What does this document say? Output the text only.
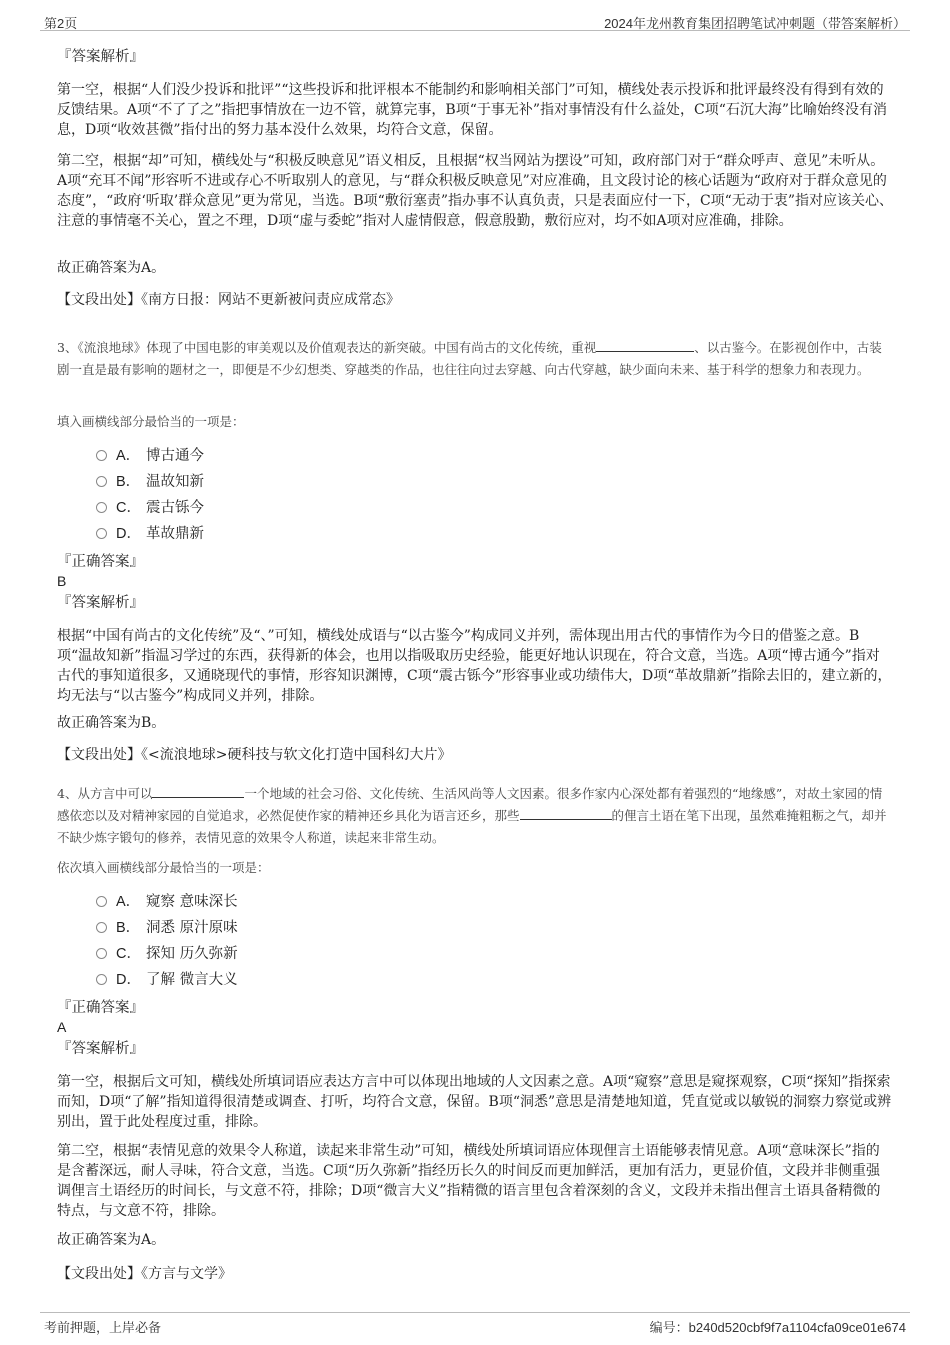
第2页	2024年龙州教育集团招聘笔试冲刺题（带答案解析）
『答案解析』

第一空，根据“人们没少投诉和批评”“这些投诉和批评根本不能制约和影响相关部门”可知，横线处表示投诉和批评最终没有得到有效的反馈结果。A项“不了了之”指把事情放在一边不管，就算完事，B项“于事无补”指对事情没有什么益处，C项“石沉大海”比喻始终没有消息，D项“收效甚微”指付出的努力基本没什么效果，均符合文意，保留。

第二空，根据“却”可知，横线处与“积极反映意见”语义相反，且根据“权当网站为摆设”可知，政府部门对于“群众呼声、意见”未听从。A项“充耳不闻”形容听不进或存心不听取别人的意见，与“群众积极反映意见”对应准确，且文段讨论的核心话题为“政府对于群众意见的态度”，“政府‘听取’群众意见”更为常见，当选。B项“敷衍塞责”指办事不认真负责，只是表面应付一下，C项“无动于衷”指对应该关心、注意的事情毫不关心，置之不理，D项“虚与委蛇”指对人虚情假意，假意殷勤，敷衍应对，均不如A项对应准确，排除。

故正确答案为A。

【文段出处】《南方日报：网站不更新被问责应成常态》

3、《流浪地球》体现了中国电影的审美观以及价值观表达的新突破。中国有尚古的文化传统，重视	、以古鉴今。在影视创作中，古装剧一直是最有影响的题材之一，即便是不少幻想类、穿越类的作品，也往往向过去穿越、向古代穿越，缺少面向未来、基于科学的想象力和表现力。
填入画横线部分最恰当的一项是：
A． 博古通今
B． 温故知新
C． 震古铄今
D． 革故鼎新
『正确答案』
B
『答案解析』

根据“中国有尚古的文化传统”及“、”可知，横线处成语与“以古鉴今”构成同义并列，需体现出用古代的事情作为今日的借鉴之意。B项“温故知新”指温习学过的东西，获得新的体会，也用以指吸取历史经验，能更好地认识现在，符合文意，当选。A项“博古通今”指对古代的事知道很多，又通晓现代的事情，形容知识渊博，C项“震古铄今”形容事业或功绩伟大，D项“革故鼎新”指除去旧的，建立新的，均无法与“以古鉴今”构成同义并列，排除。

故正确答案为B。

【文段出处】《<流浪地球>硬科技与软文化打造中国科幻大片》

4、从方言中可以	一个地域的社会习俗、文化传统、生活风尚等人文因素。很多作家内心深处都有着强烈的“地缘感”，对故土家园的情感依恋以及对精神家园的自觉追求，必然促使作家的精神还乡具化为语言还乡，那些	的俚言土语在笔下出现，虽然难掩粗粝之气，却并不缺少炼字锻句的修养，表情见意的效果令人称道，读起来非常生动。
依次填入画横线部分最恰当的一项是：
A． 窥察 意味深长
B． 洞悉 原汁原味
C． 探知 历久弥新
D． 了解 微言大义
『正确答案』
A
『答案解析』

第一空，根据后文可知，横线处所填词语应表达方言中可以体现出地域的人文因素之意。A项“窥察”意思是窥探观察，C项“探知”指探索而知，D项“了解”指知道得很清楚或调查、打听，均符合文意，保留。B项“洞悉”意思是清楚地知道，凭直觉或以敏锐的洞察力察觉或辨别出，置于此处程度过重，排除。

第二空，根据“表情见意的效果令人称道，读起来非常生动”可知，横线处所填词语应体现俚言土语能够表情见意。A项“意味深长”指的是含蓄深远，耐人寻味，符合文意，当选。C项“历久弥新”指经历长久的时间反而更加鲜活，更加有活力，更显价值，文段并非侧重强调俚言土语经历的时间长，与文意不符，排除；D项“微言大义”指精微的语言里包含着深刻的含义，文段并未指出俚言土语具备精微的特点，与文意不符，排除。

故正确答案为A。

【文段出处】《方言与文学》

考前押题，上岸必备	编号：b240d520cbf9f7a1104cfa09ce01e674
